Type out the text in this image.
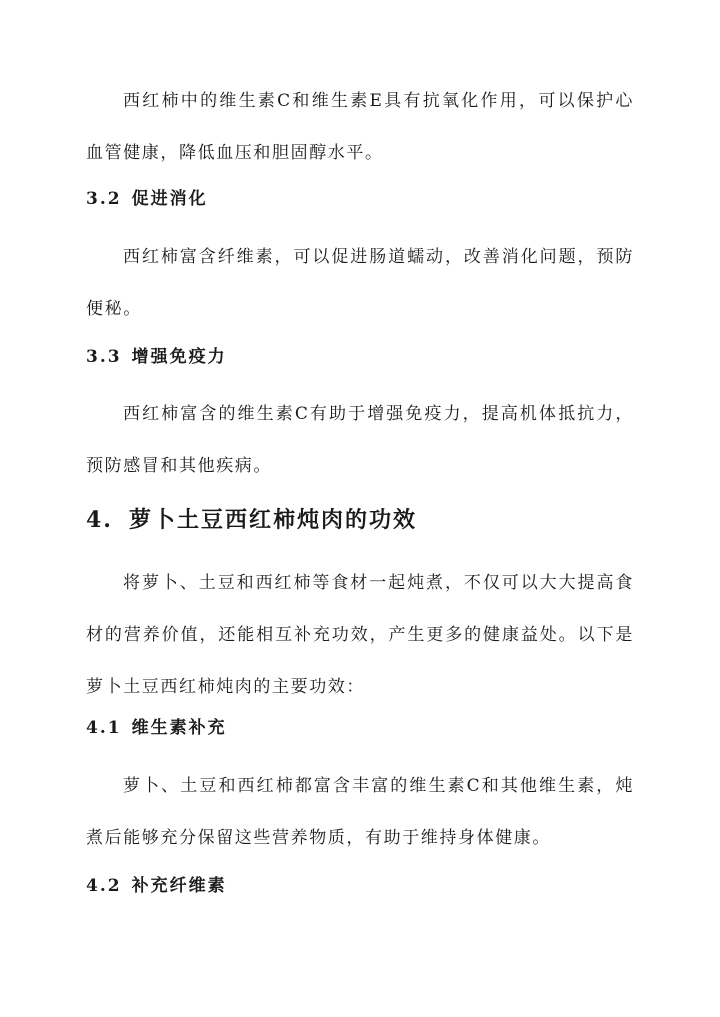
西红柿中的维生素C和维生素E具有抗氧化作用，可以保护心血管健康，降低血压和胆固醇水平。

3.2 促进消化

西红柿富含纤维素，可以促进肠道蠕动，改善消化问题，预防便秘。

3.3 增强免疫力

西红柿富含的维生素C有助于增强免疫力，提高机体抵抗力，预防感冒和其他疾病。

4. 萝卜土豆西红柿炖肉的功效

将萝卜、土豆和西红柿等食材一起炖煮，不仅可以大大提高食材的营养价值，还能相互补充功效，产生更多的健康益处。以下是萝卜土豆西红柿炖肉的主要功效：

4.1 维生素补充

萝卜、土豆和西红柿都富含丰富的维生素C和其他维生素，炖煮后能够充分保留这些营养物质，有助于维持身体健康。

4.2 补充纤维素
